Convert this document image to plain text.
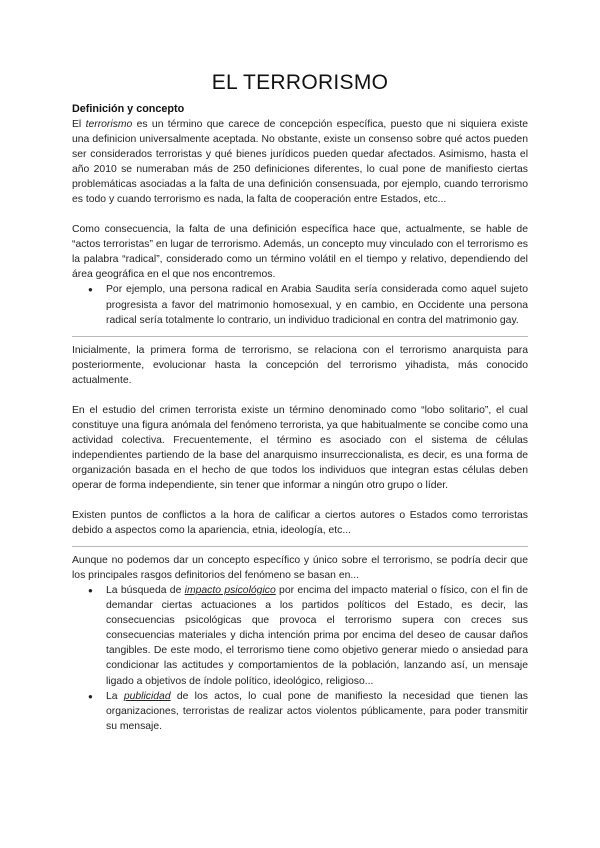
EL TERRORISMO
Definición y concepto

El terrorismo es un término que carece de concepción específica, puesto que ni siquiera existe una definicion universalmente aceptada. No obstante, existe un consenso sobre qué actos pueden ser considerados terroristas y qué bienes jurídicos pueden quedar afectados. Asimismo, hasta el año 2010 se numeraban más de 250 definiciones diferentes, lo cual pone de manifiesto ciertas problemáticas asociadas a la falta de una definición consensuada, por ejemplo, cuando terrorismo es todo y cuando terrorismo es nada, la falta de cooperación entre Estados, etc...

Como consecuencia, la falta de una definición específica hace que, actualmente, se hable de “actos terroristas” en lugar de terrorismo. Además, un concepto muy vinculado con el terrorismo es la palabra “radical”, considerado como un término volátil en el tiempo y relativo, dependiendo del área geográfica en el que nos encontremos.

● Por ejemplo, una persona radical en Arabia Saudita sería considerada como aquel sujeto progresista a favor del matrimonio homosexual, y en cambio, en Occidente una persona radical sería totalmente lo contrario, un individuo tradicional en contra del matrimonio gay.

Inicialmente, la primera forma de terrorismo, se relaciona con el terrorismo anarquista para posteriormente, evolucionar hasta la concepción del terrorismo yihadista, más conocido actualmente.

En el estudio del crimen terrorista existe un término denominado como “lobo solitario”, el cual constituye una figura anómala del fenómeno terrorista, ya que habitualmente se concibe como una actividad colectiva. Frecuentemente, el término es asociado con el sistema de células independientes partiendo de la base del anarquismo insurreccionalista, es decir, es una forma de organización basada en el hecho de que todos los individuos que integran estas células deben operar de forma independiente, sin tener que informar a ningún otro grupo o líder.

Existen puntos de conflictos a la hora de calificar a ciertos autores o Estados como terroristas debido a aspectos como la apariencia, etnia, ideología, etc...

Aunque no podemos dar un concepto específico y único sobre el terrorismo, se podría decir que los principales rasgos definitorios del fenómeno se basan en...

● La búsqueda de impacto psicológico por encima del impacto material o físico, con el fin de demandar ciertas actuaciones a los partidos políticos del Estado, es decir, las consecuencias psicológicas que provoca el terrorismo supera con creces sus consecuencias materiales y dicha intención prima por encima del deseo de causar daños tangibles. De este modo, el terrorismo tiene como objetivo generar miedo o ansiedad para condicionar las actitudes y comportamientos de la población, lanzando así, un mensaje ligado a objetivos de índole político, ideológico, religioso...
● La publicidad de los actos, lo cual pone de manifiesto la necesidad que tienen las organizaciones, terroristas de realizar actos violentos públicamente, para poder transmitir su mensaje.
